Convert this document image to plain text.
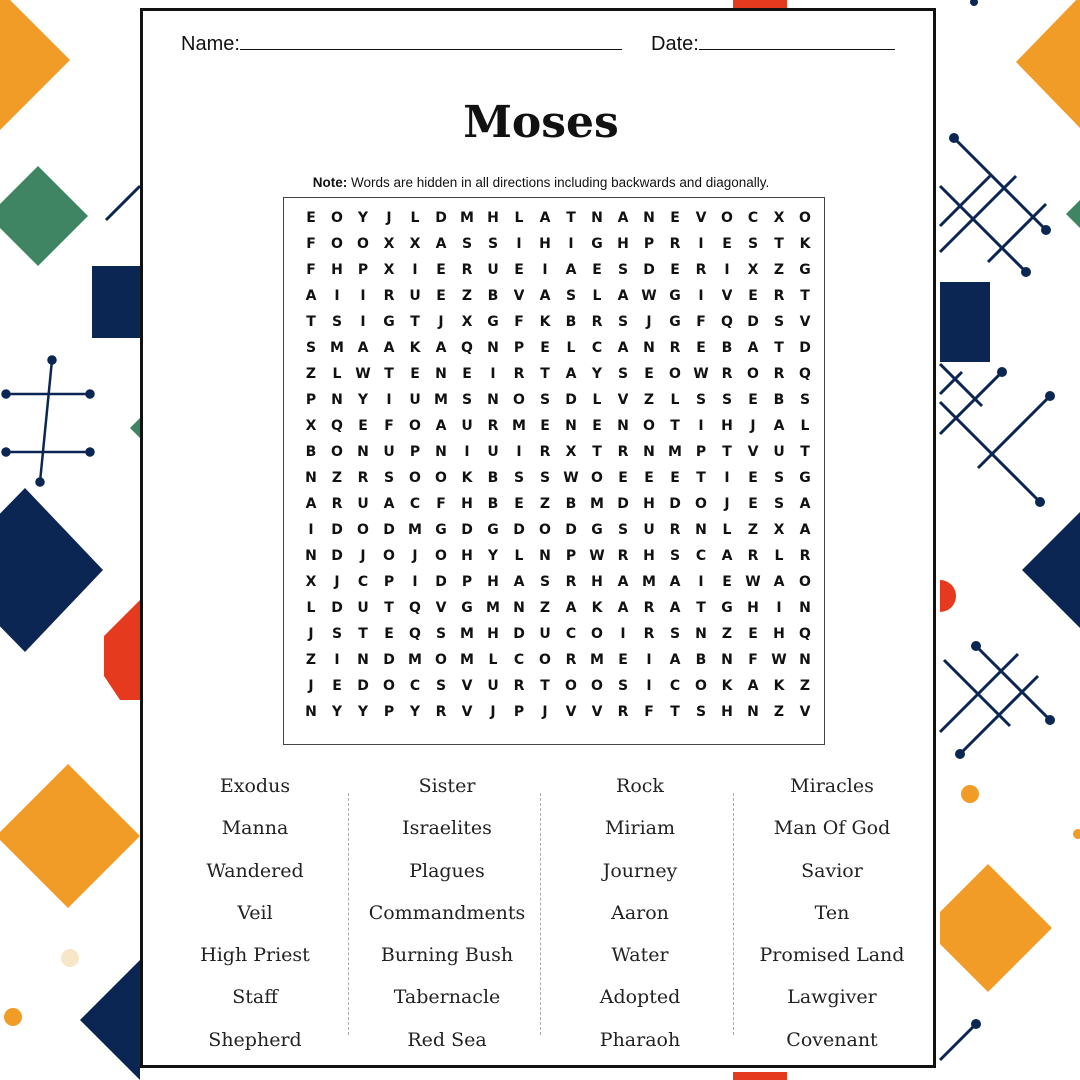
Name:	Date:
Moses
Note: Words are hidden in all directions including backwards and diagonally.
E	O	Y	J	L	D M H	L	A	T	N	A	N	E	V	O	C	X	O
F	O	O	X	X	A	S	S	I	H	I	G	H	P	R	I	E	S	T	K
F	H	P	X	I	E	R	U	E	I	A	E	S	D	E	R	I	X	Z	G
A	I	I	R	U	E	Z	B	V	A	S	L	A W G	I	V	E	R	T
T	S	I	G	T	J	X	G	F	K	B	R	S	J	G	F	Q	D	S	V
S M A	A	K	A	Q	N	P	E	L	C	A	N	R	E	B	A	T	D
Z	L W T	E	N	E	I	R	T	A	Y	S	E	O W R	O	R	Q
P	N	Y	I	U M S	N	O	S	D	L	V	Z	L	S	S	E	B	S
X	Q	E	F	O	A	U	R M	E	N	E	N	O	T	I	H	J	A	L
B	O	N	U	P	N	I	U	I	R	X	T	R	N M P	T	V	U	T
N	Z	R	S	O	O	K	B	S	S W O	E	E	E	T	I	E	S	G
A	R	U	A	C	F	H	B	E	Z	B M D	H	D	O	J	E	S	A
I	D	O	D M G	D	G	D	O	D	G	S	U	R	N	L	Z	X	A
N	D	J	O	J	O	H	Y	L	N	P W R	H	S	C	A	R	L	R
X	J	C	P	I	D	P	H	A	S	R	H	A M A	I	E W A	O
L	D	U	T	Q	V	G M N	Z	A	K	A	R	A	T	G	H	I	N
J	S	T	E	Q	S M H	D	U	C	O	I	R	S	N	Z	E	H	Q
Z	I	N	D M O M	L	C	O	R M	E	I	A	B	N	F W N
J	E	D	O	C	S	V	U	R	T	O	O	S	I	C	O	K	A	K	Z
N	Y	Y	P	Y	R	V	J	P	J	V	V	R	F	T	S	H	N	Z	V
Exodus
Manna
Wandered
Veil
High Priest
Staff
Shepherd
Sister
Israelites
Plagues
Commandments
Burning Bush
Tabernacle
Red Sea
Rock
Miriam
Journey
Aaron
Water
Adopted
Pharaoh
Miracles
Man Of God
Savior
Ten
Promised Land
Lawgiver
Covenant
